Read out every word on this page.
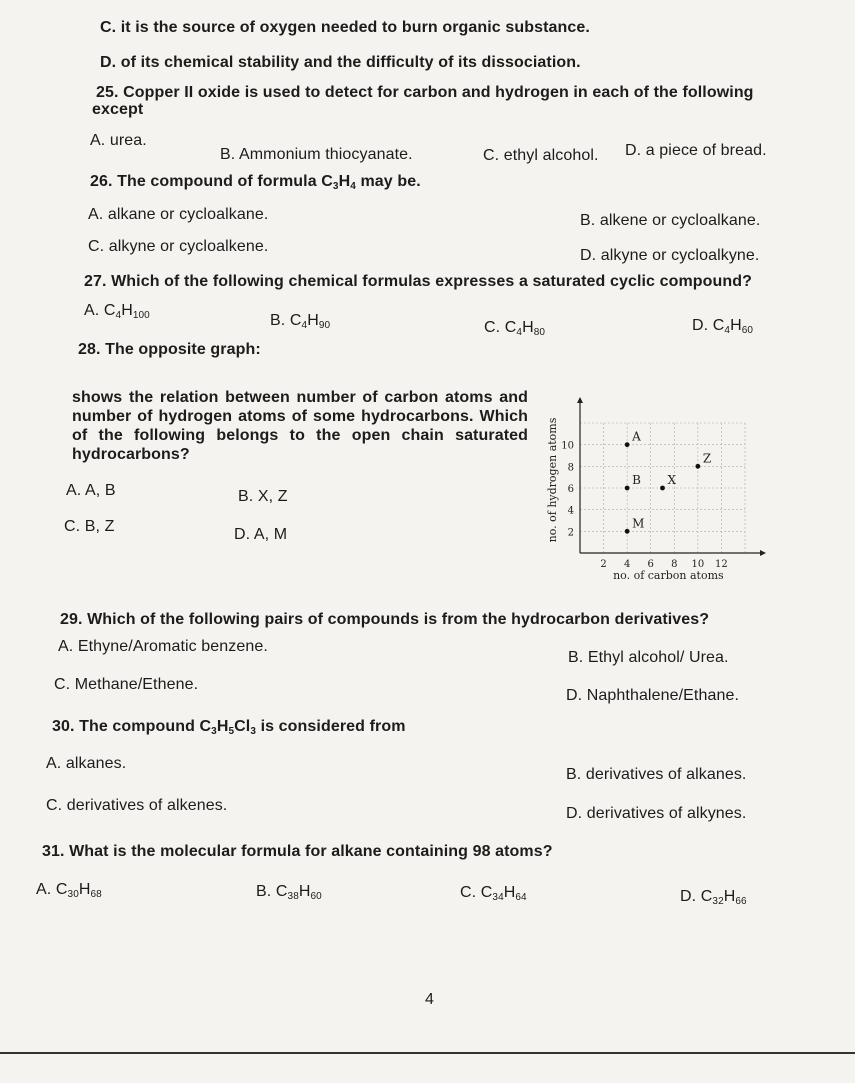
C. it is the source of oxygen needed to burn organic substance.
D. of its chemical stability and the difficulty of its dissociation.
25. Copper II oxide is used to detect for carbon and hydrogen in each of the following
except
A. urea.
B. Ammonium thiocyanate.	C. ethyl alcohol. D. a piece of bread.
26. The compound of formula $C_3H_4$ may be.
A. alkane or cycloalkane.	B. alkene or cycloalkane.
C. alkyne or cycloalkene.
D. alkyne or cycloalkyne.
27. Which of the following chemical formulas expresses a saturated cyclic compound?
A. $C_4H_{100}$	B. $C_4H_{90}$	C. $C_4H_{80}$	D. $C_4H_{60}$
28. The opposite graph:
shows the relation between number of carbon atoms and number of hydrogen atoms of some hydrocarbons. Which of the following belongs to the open chain saturated hydrocarbons?
A. A, B	B. X, Z
C. B, Z	D. A, M
2 4 6 8 10 12
2
4
6
8
10
A
Z
B X
M
no. of carbon atoms
no. of hydrogen atoms
29. Which of the following pairs of compounds is from the hydrocarbon derivatives?
A. Ethyne/Aromatic benzene.
B. Ethyl alcohol/ Urea.
C. Methane/Ethene.
D. Naphthalene/Ethane.
30. The compound $C_3H_5Cl_3$ is considered from
A. alkanes.
B. derivatives of alkanes.
C. derivatives of alkenes.	D. derivatives of alkynes.
31. What is the molecular formula for alkane containing 98 atoms?
A. $C_{30}H_{68}$	B. $C_{38}H_{60}$	C. $C_{34}H_{64}$	D. $C_{32}H_{66}$
4
